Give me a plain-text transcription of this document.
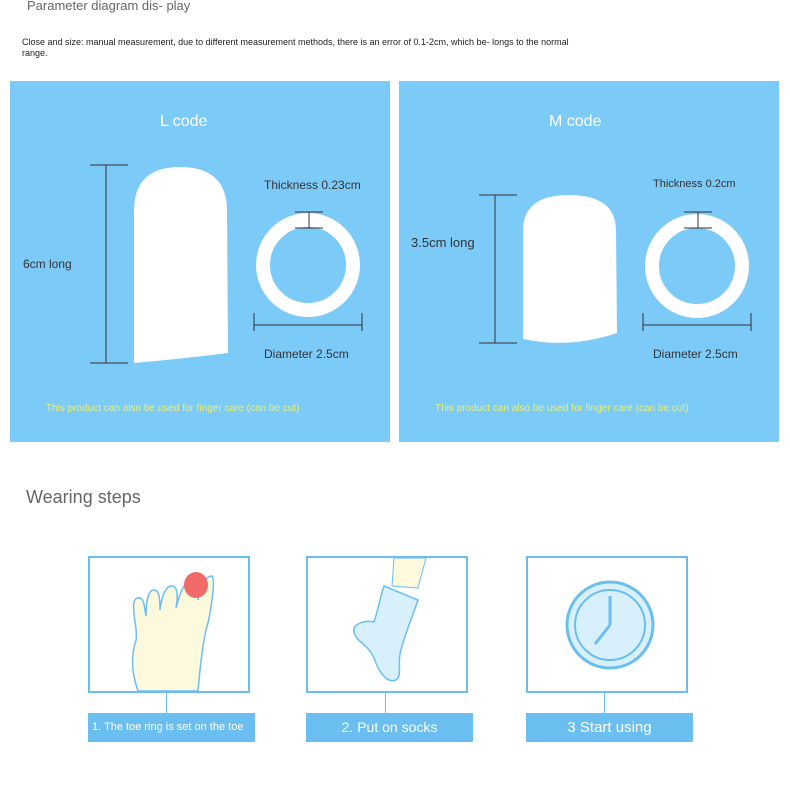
Parameter diagram dis- play
Close and size: manual measurement, due to different measurement methods, there is an error of 0.1-2cm, which be- longs to the normal range.
L code
6cm long
Thickness 0.23cm
Diameter 2.5cm
This product can also be used for finger care (can be cut)
M code
3.5cm long
Thickness 0.2cm
Diameter 2.5cm
This product can also be used for finger care (can be cut)
Wearing steps
1. The toe ring is set on the toe	2. Put on socks	3 Start using
